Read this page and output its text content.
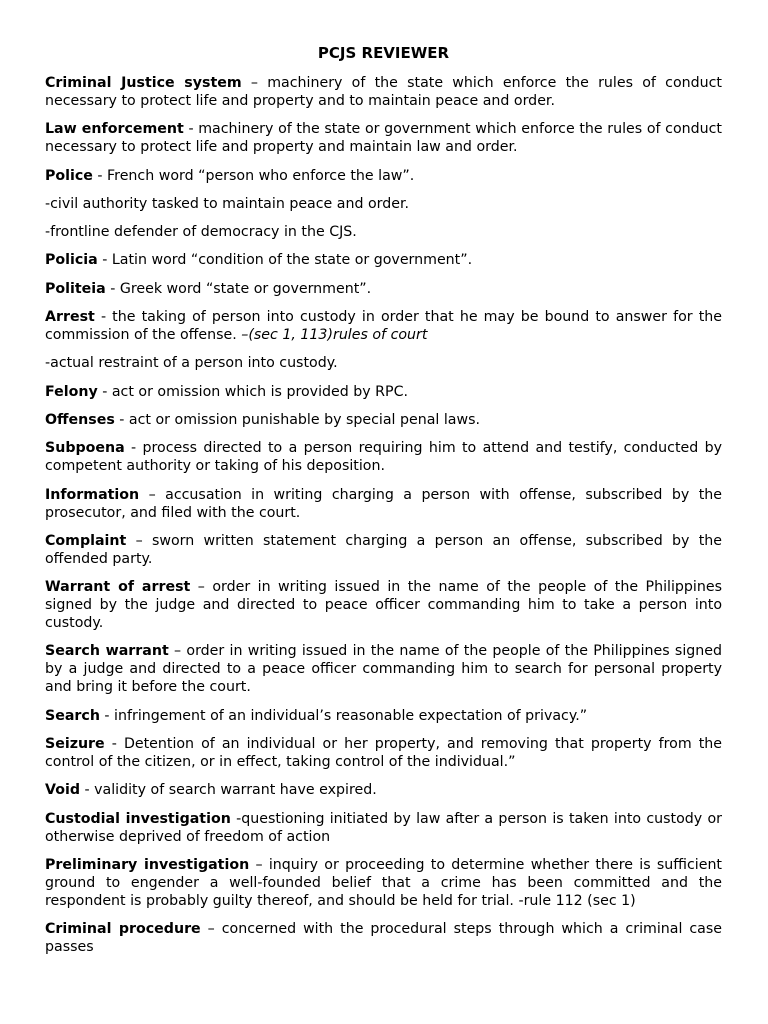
PCJS REVIEWER

Criminal Justice system – machinery of the state which enforce the rules of conduct necessary to protect life and property and to maintain peace and order.

Law enforcement - machinery of the state or government which enforce the rules of conduct necessary to protect life and property and maintain law and order.

Police - French word “person who enforce the law”.

-civil authority tasked to maintain peace and order.

-frontline defender of democracy in the CJS.

Policia - Latin word “condition of the state or government”.

Politeia - Greek word “state or government”.

Arrest - the taking of person into custody in order that he may be bound to answer for the commission of the offense. –(sec 1, 113)rules of court

-actual restraint of a person into custody.

Felony - act or omission which is provided by RPC.

Offenses - act or omission punishable by special penal laws.

Subpoena - process directed to a person requiring him to attend and testify, conducted by competent authority or taking of his deposition.

Information – accusation in writing charging a person with offense, subscribed by the prosecutor, and filed with the court.

Complaint – sworn written statement charging a person an offense, subscribed by the offended party.

Warrant of arrest – order in writing issued in the name of the people of the Philippines signed by the judge and directed to peace officer commanding him to take a person into custody.

Search warrant – order in writing issued in the name of the people of the Philippines signed by a judge and directed to a peace officer commanding him to search for personal property and bring it before the court.

Search - infringement of an individual’s reasonable expectation of privacy.”

Seizure - Detention of an individual or her property, and removing that property from the control of the citizen, or in effect, taking control of the individual.”

Void - validity of search warrant have expired.

Custodial investigation -questioning initiated by law after a person is taken into custody or otherwise deprived of freedom of action

Preliminary investigation – inquiry or proceeding to determine whether there is sufficient ground to engender a well-founded belief that a crime has been committed and the respondent is probably guilty thereof, and should be held for trial. -rule 112 (sec 1)

Criminal procedure – concerned with the procedural steps through which a criminal case passes
